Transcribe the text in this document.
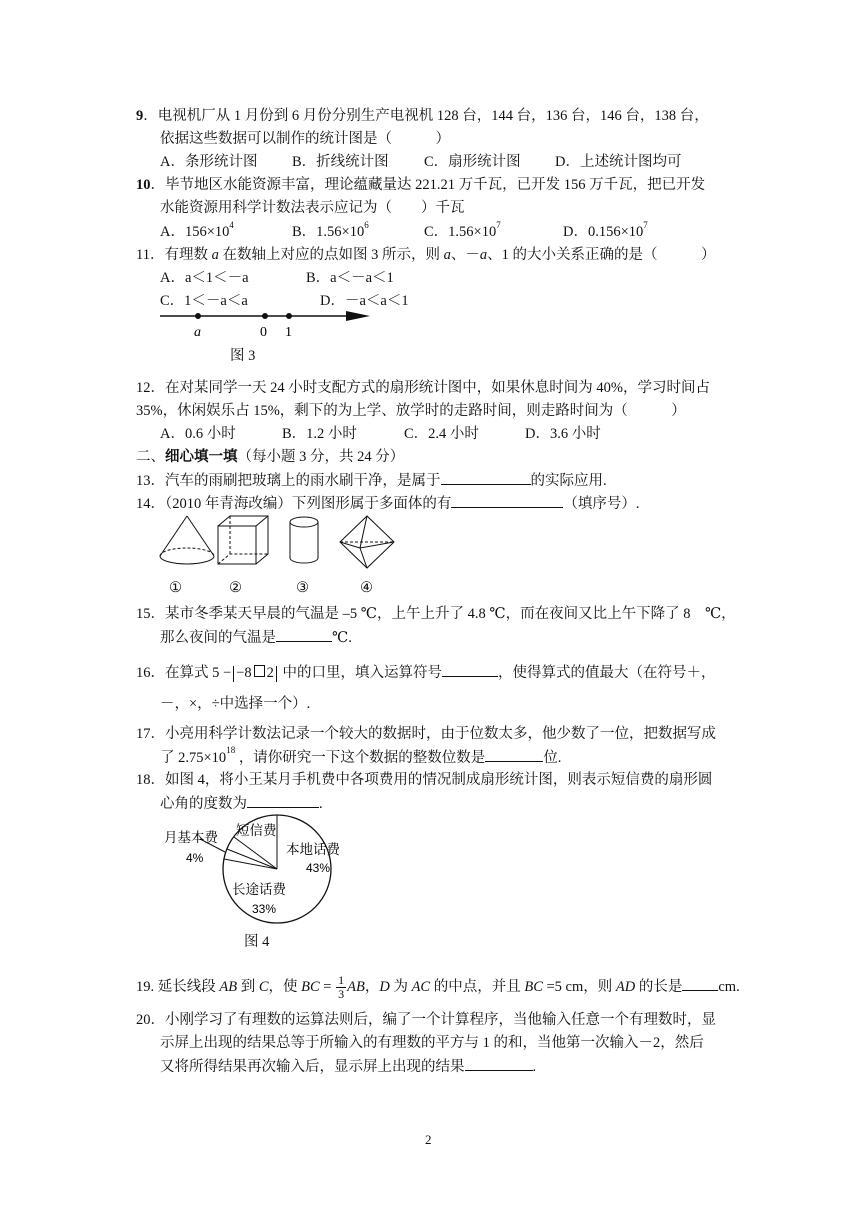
9．电视机厂从 1 月份到 6 月份分别生产电视机 128 台，144 台，136 台，146 台，138 台，
依据这些数据可以制作的统计图是（　　　）
A．条形统计图 B．折线统计图 C．扇形统计图 D．上述统计图均可
10．毕节地区水能资源丰富，理论蕴藏量达 221.21 万千瓦，已开发 156 万千瓦，把已开发
水能资源用科学计数法表示应记为（　　）千瓦
A．$156\times 10^4$	B．$1.56\times 10^6$	C．$1.56\times 10^7$	D．$0.156\times 10^7$
11．有理数 a 在数轴上对应的点如图 3 所示，则 a、－a、1 的大小关系正确的是（　　　）
A．a＜1＜－a	B．a＜－a＜1
C．1＜－a＜a	D．－a＜a＜1
a	0 1
图 3
12．在对某同学一天 24 小时支配方式的扇形统计图中，如果休息时间为 40%，学习时间占
35%，休闲娱乐占 15%，剩下的为上学、放学时的走路时间，则走路时间为（　　　）
A．0.6 小时	B．1.2 小时	C．2.4 小时	D．3.6 小时
二、细心填一填（每小题 3 分，共 24 分）
13．汽车的雨刷把玻璃上的雨水刷干净，是属于	的实际应用.
14．（2010 年青海改编）下列图形属于多面体的有	（填序号）.
①	②	③	④
15．某市冬季某天早晨的气温是 –5 ℃，上午上升了 4.8 ℃，而在夜间又比上午下降了 8　℃，
那么夜间的气温是	℃.
16．在算式 5 − −8 2 中的口里，填入运算符号	，使得算式的值最大（在符号＋，
－，×，÷中选择一个）.
17．小亮用科学计数法记录一个较大的数据时，由于位数太多，他少数了一位，把数据写成
了 $2.75\times 10^{18}$ ，请你研究一下这个数据的整数位数是	位.
18．如图 4，将小王某月手机费中各项费用的情况制成扇形统计图，则表示短信费的扇形圆
心角的度数为	.
月基本费
4%
短信费
本地话费
43%
长途话费
33%
图 4
19. 延长线段 AB 到 C，使 BC = $\frac{1}{3}$ AB，D 为 AC 的中点，并且 BC =5 cm，则 AD 的长是 cm.
20．小刚学习了有理数的运算法则后，编了一个计算程序，当他输入任意一个有理数时，显
示屏上出现的结果总等于所输入的有理数的平方与 1 的和，当他第一次输入－2，然后
又将所得结果再次输入后，显示屏上出现的结果	.
2
